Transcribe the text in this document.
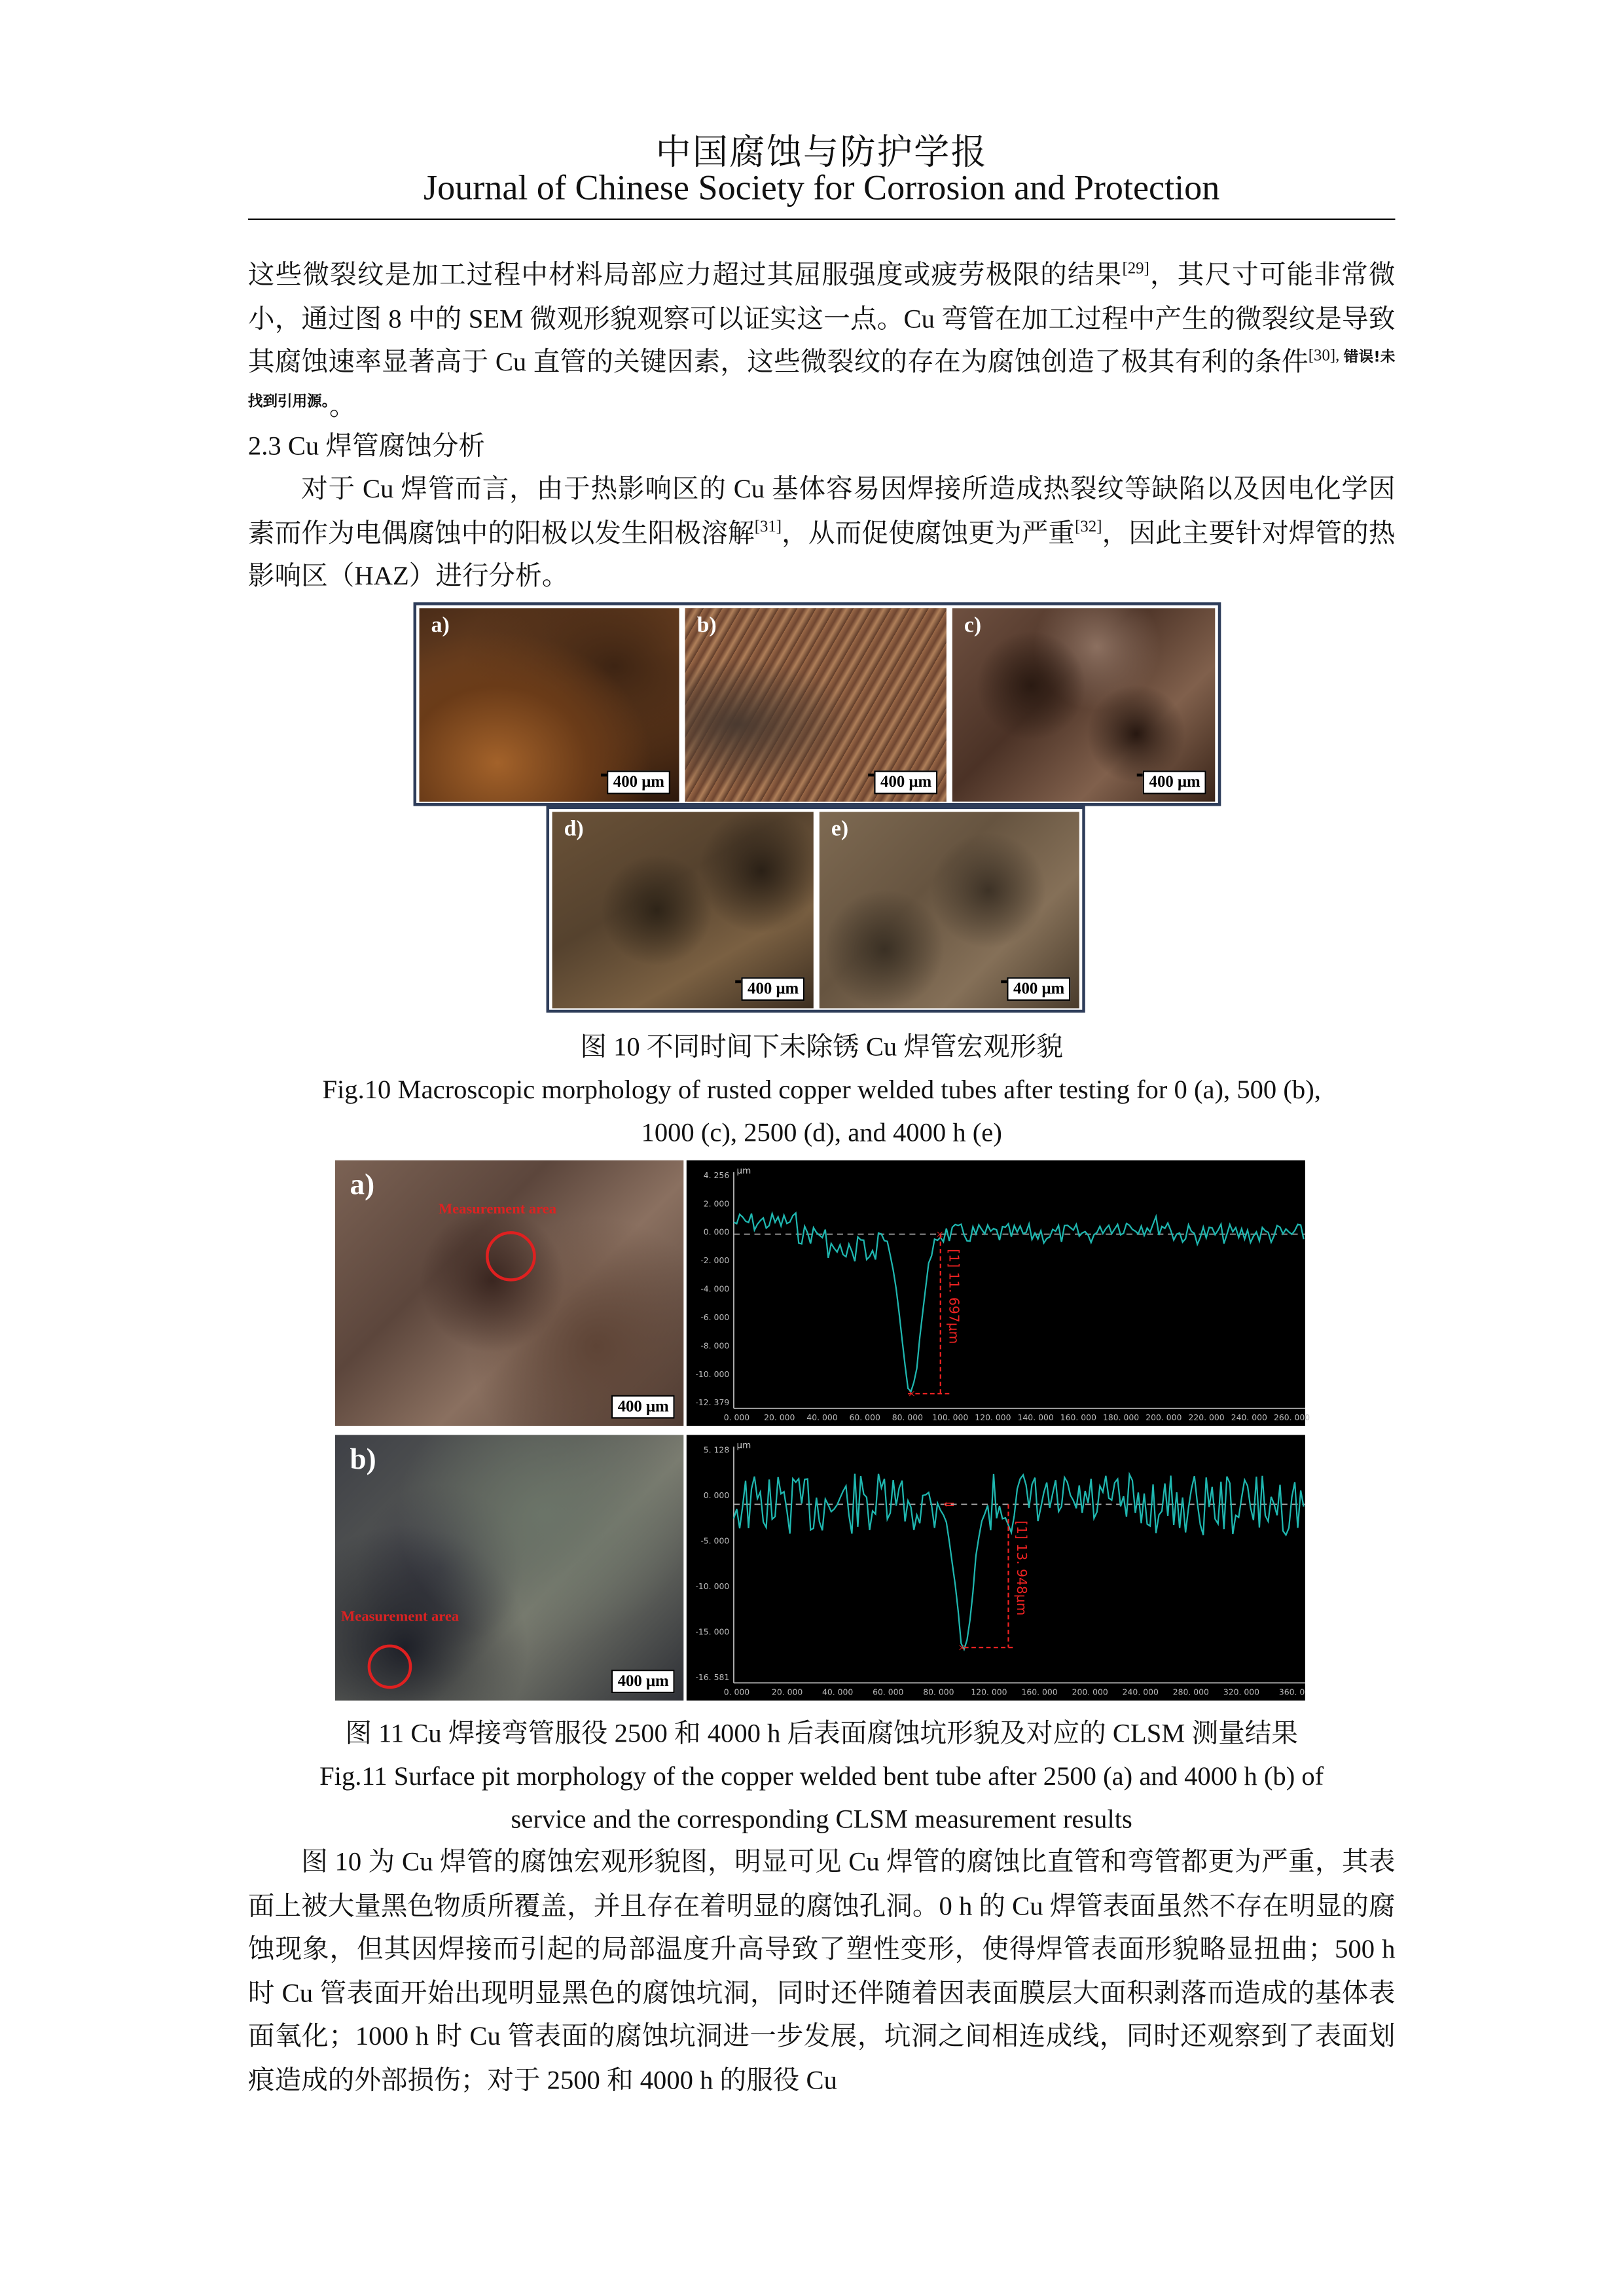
中国腐蚀与防护学报
Journal of Chinese Society for Corrosion and Protection

这些微裂纹是加工过程中材料局部应力超过其屈服强度或疲劳极限的结果[29]，其尺寸可能非常微小，通过图 8 中的 SEM 微观形貌观察可以证实这一点。Cu 弯管在加工过程中产生的微裂纹是导致其腐蚀速率显著高于 Cu 直管的关键因素，这些微裂纹的存在为腐蚀创造了极其有利的条件$^{[30],}$ $^{错误!未找到引用源。}$。

2.3 Cu 焊管腐蚀分析

对于 Cu 焊管而言，由于热影响区的 Cu 基体容易因焊接所造成热裂纹等缺陷以及因电化学因素而作为电偶腐蚀中的阳极以发生阳极溶解[31]，从而促使腐蚀更为严重[32]，因此主要针对焊管的热影响区（HAZ）进行分析。

a)
400 μm
b)
400 μm
c)
400 μm
d)
400 μm
e)
400 μm
图 10 不同时间下未除锈 Cu 焊管宏观形貌
Fig.10 Macroscopic morphology of rusted copper welded tubes after testing for 0 (a), 500 (b),
1000 (c), 2500 (d), and 4000 h (e)
a)
Measurement area
400 μm
μm
4. 256
2. 000
0. 000
-2. 000
-4. 000
-6. 000
-8. 000
-10. 000
-12. 379
0. 000	20. 000	40. 000	60. 000	80. 000	100. 000 120. 000 140. 000 160. 000 180. 000 200. 000 220. 000 240. 000 260. 000
×
×
[1] 11. 697μm
b)
Measurement area
400 μm
μm
5. 128
0. 000
-5. 000
-10. 000
-15. 000
-16. 581
0. 000	20. 000	40. 000	60. 000	80. 000	120. 000	160. 000	200. 000	240. 000	280. 000	320. 000	360. 0
×
⇐
[1] 13. 948μm
图 11 Cu 焊接弯管服役 2500 和 4000 h 后表面腐蚀坑形貌及对应的 CLSM 测量结果
Fig.11 Surface pit morphology of the copper welded bent tube after 2500 (a) and 4000 h (b) of
service and the corresponding CLSM measurement results

图 10 为 Cu 焊管的腐蚀宏观形貌图，明显可见 Cu 焊管的腐蚀比直管和弯管都更为严重，其表面上被大量黑色物质所覆盖，并且存在着明显的腐蚀孔洞。0 h 的 Cu 焊管表面虽然不存在明显的腐蚀现象，但其因焊接而引起的局部温度升高导致了塑性变形，使得焊管表面形貌略显扭曲；500 h 时 Cu 管表面开始出现明显黑色的腐蚀坑洞，同时还伴随着因表面膜层大面积剥落而造成的基体表面氧化；1000 h 时 Cu 管表面的腐蚀坑洞进一步发展，坑洞之间相连成线，同时还观察到了表面划痕造成的外部损伤；对于 2500 和 4000 h 的服役 Cu
